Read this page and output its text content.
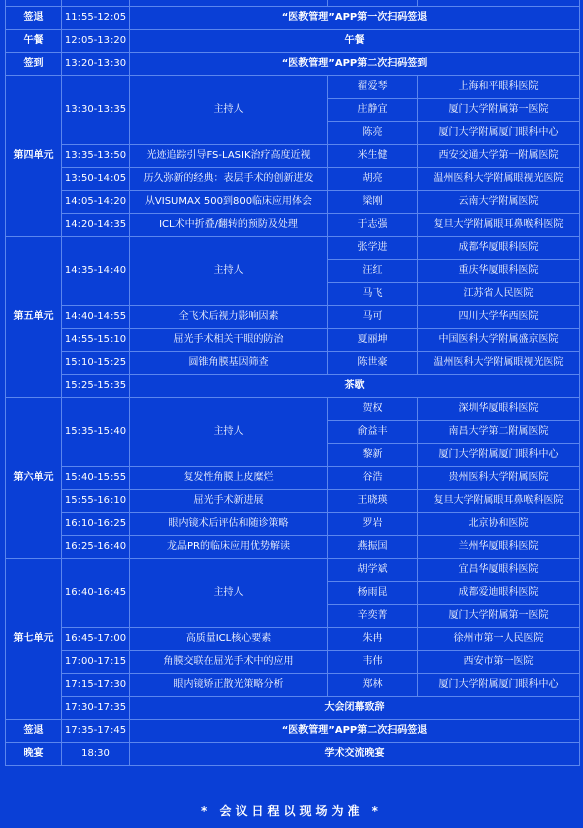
签退	11:55-12:05	“医教管理”APP第一次扫码签退		
午餐	12:05-13:20	午餐		
签到	13:20-13:30	“医教管理”APP第二次扫码签到		
第四单元	13:30-13:35	主持人	翟爱琴	上海和平眼科医院
			庄静宜	厦门大学附属第一医院
			陈亮	厦门大学附属厦门眼科中心
	13:35-13:50	光迹追踪引导FS-LASIK治疗高度近视	米生健	西安交通大学第一附属医院
	13:50-14:05	历久弥新的经典：表层手术的创新进发	胡亮	温州医科大学附属眼视光医院
	14:05-14:20	从VISUMAX 500到800临床应用体会	梁刚	云南大学附属医院
	14:20-14:35	ICL术中折叠/翻转的预防及处理	于志强	复旦大学附属眼耳鼻喉科医院
第五单元	14:35-14:40	主持人	张学进	成都华厦眼科医院
			汪红	重庆华厦眼科医院
			马飞	江苏省人民医院
	14:40-14:55	全飞术后视力影响因素	马可	四川大学华西医院
	14:55-15:10	屈光手术相关干眼的防治	夏丽坤	中国医科大学附属盛京医院
	15:10-15:25	圆锥角膜基因筛查	陈世豪	温州医科大学附属眼视光医院
	15:25-15:35	茶歇		
第六单元	15:35-15:40	主持人	贺权	深圳华厦眼科医院
			俞益丰	南昌大学第二附属医院
			黎新	厦门大学附属厦门眼科中心
	15:40-15:55	复发性角膜上皮糜烂	谷浩	贵州医科大学附属医院
	15:55-16:10	屈光手术新进展	王晓瑛	复旦大学附属眼耳鼻喉科医院
	16:10-16:25	眼内镜术后评估和随诊策略	罗岩	北京协和医院
	16:25-16:40	龙晶PR的临床应用优势解读	燕振国	兰州华厦眼科医院
第七单元	16:40-16:45	主持人	胡学斌	宜昌华厦眼科医院
			杨雨昆	成都爱迪眼科医院
			辛奕菁	厦门大学附属第一医院
	16:45-17:00	高质量ICL核心要素	朱冉	徐州市第一人民医院
	17:00-17:15	角膜交联在屈光手术中的应用	韦伟	西安市第一医院
	17:15-17:30	眼内镜矫正散光策略分析	郑林	厦门大学附属厦门眼科中心
	17:30-17:35	大会闭幕致辞		
签退	17:35-17:45	“医教管理”APP第二次扫码签退		
晚宴	18:30	学术交流晚宴		
* 会议日程以现场为准 *
